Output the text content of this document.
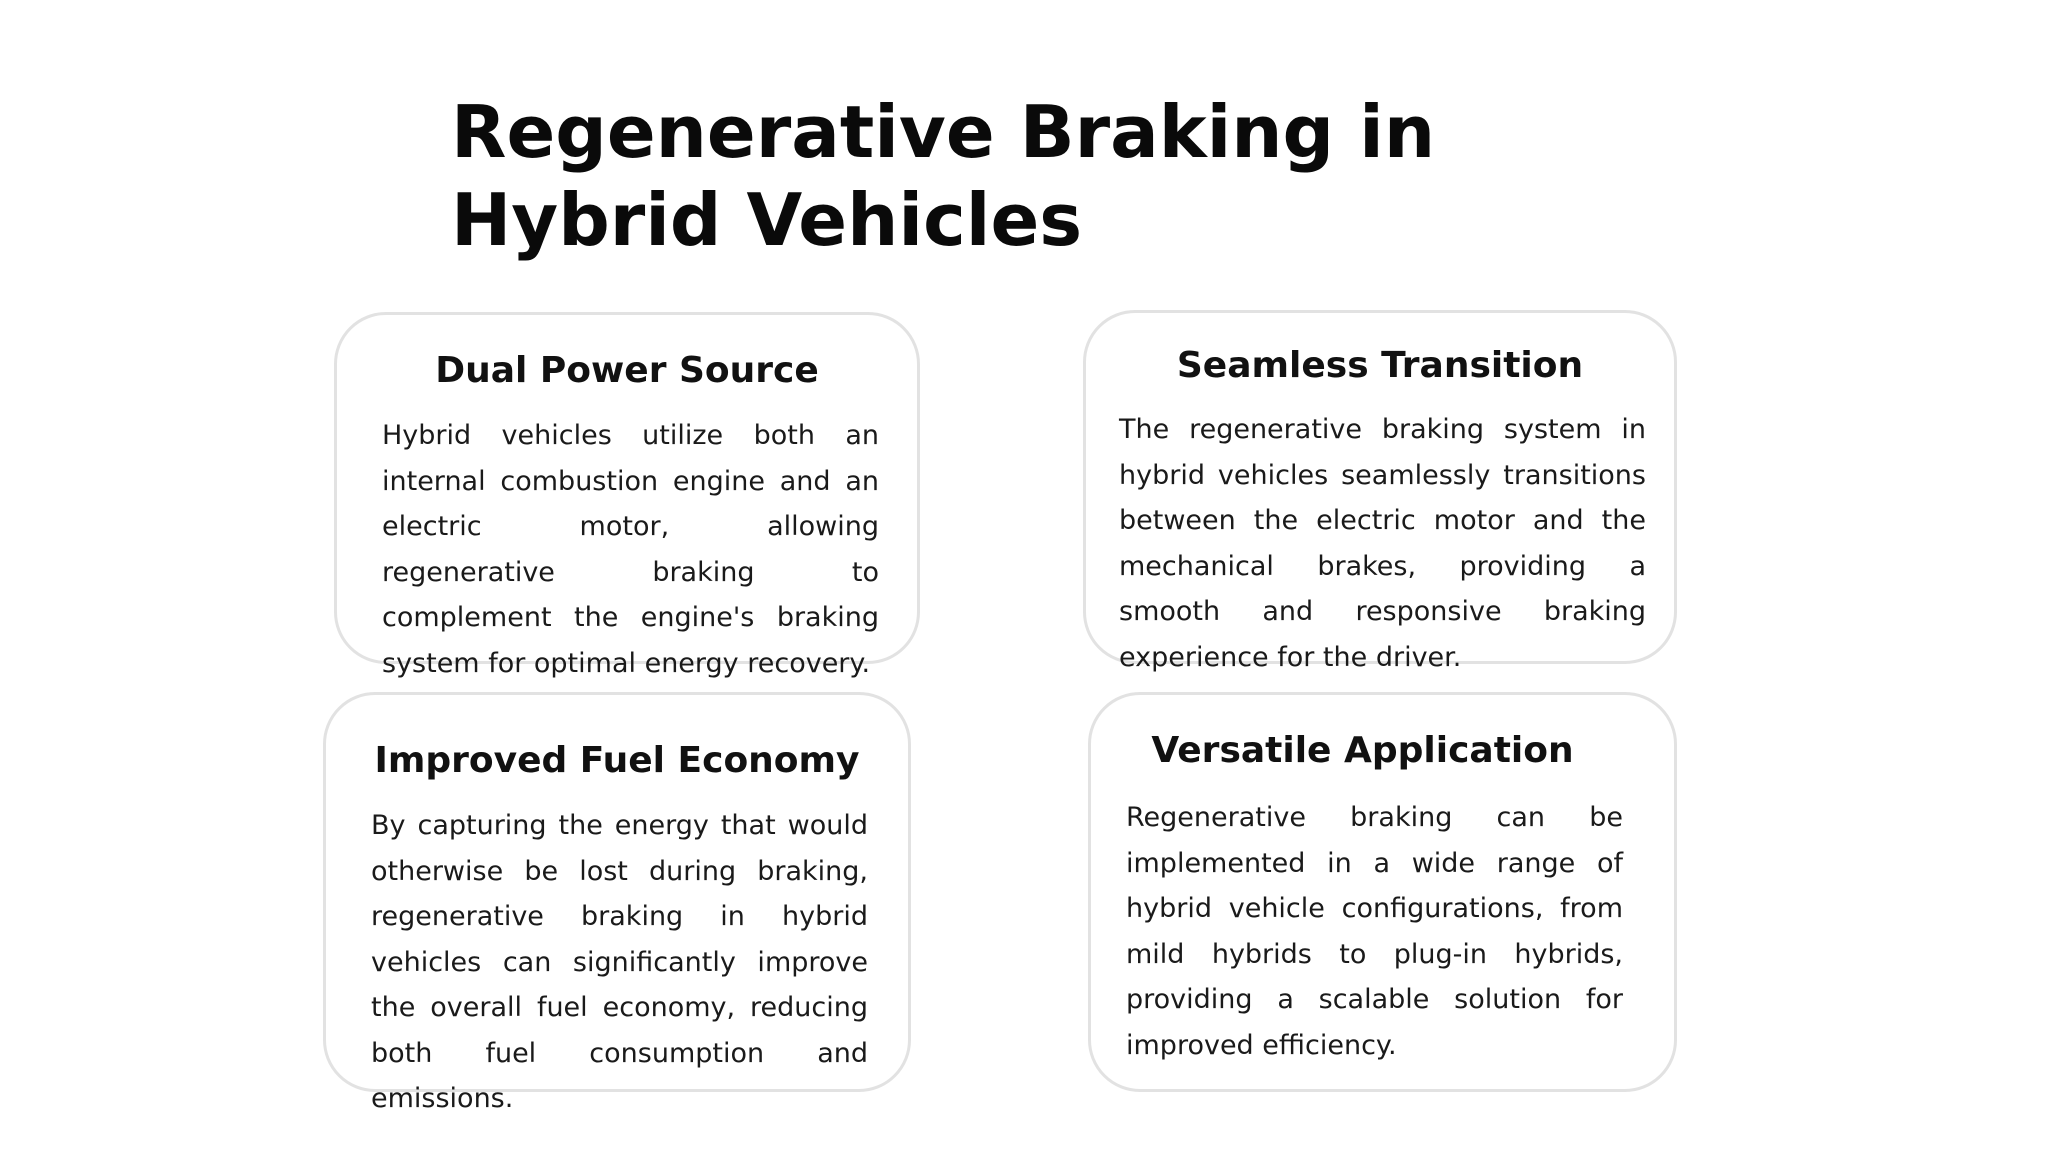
Regenerative Braking in Hybrid Vehicles
Dual Power Source

Hybrid vehicles utilize both an internal combustion engine and an electric motor, allowing regenerative braking to complement the engine's braking system for optimal energy recovery.

Seamless Transition

The regenerative braking system in hybrid vehicles seamlessly transitions between the electric motor and the mechanical brakes, providing a smooth and responsive braking experience for the driver.

Improved Fuel Economy

By capturing the energy that would otherwise be lost during braking, regenerative braking in hybrid vehicles can significantly improve the overall fuel economy, reducing both fuel consumption and emissions.

Versatile Application

Regenerative braking can be implemented in a wide range of hybrid vehicle configurations, from mild hybrids to plug-in hybrids, providing a scalable solution for improved efficiency.
